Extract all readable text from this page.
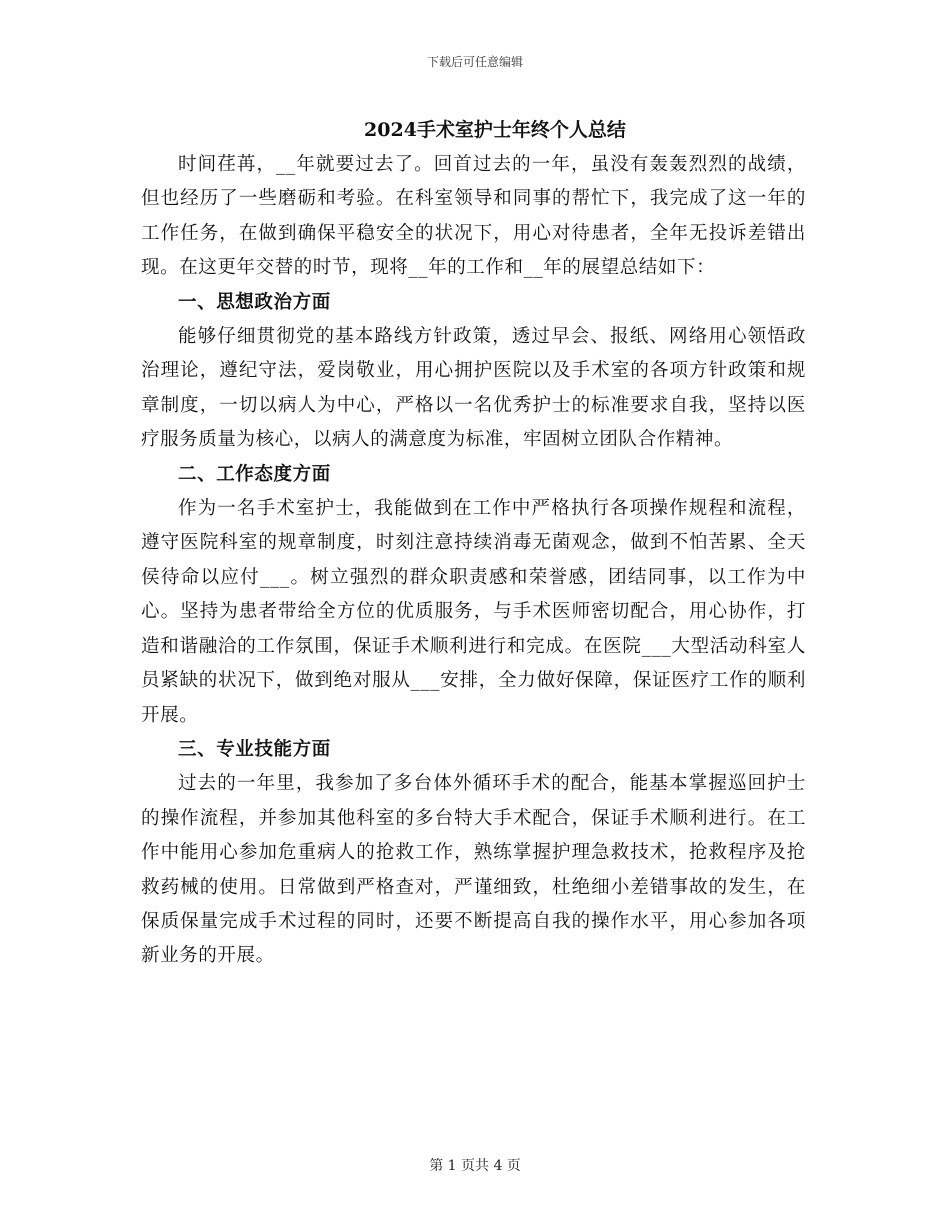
下载后可任意编辑
2024手术室护士年终个人总结

时间荏苒，__年就要过去了。回首过去的一年，虽没有轰轰烈烈的战绩，但也经历了一些磨砺和考验。在科室领导和同事的帮忙下，我完成了这一年的工作任务，在做到确保平稳安全的状况下，用心对待患者，全年无投诉差错出现。在这更年交替的时节，现将__年的工作和__年的展望总结如下：

一、思想政治方面

能够仔细贯彻党的基本路线方针政策，透过早会、报纸、网络用心领悟政治理论，遵纪守法，爱岗敬业，用心拥护医院以及手术室的各项方针政策和规章制度，一切以病人为中心，严格以一名优秀护士的标准要求自我，坚持以医疗服务质量为核心，以病人的满意度为标准，牢固树立团队合作精神。

二、工作态度方面

作为一名手术室护士，我能做到在工作中严格执行各项操作规程和流程，遵守医院科室的规章制度，时刻注意持续消毒无菌观念，做到不怕苦累、全天侯待命以应付___。树立强烈的群众职责感和荣誉感，团结同事，以工作为中心。坚持为患者带给全方位的优质服务，与手术医师密切配合，用心协作，打造和谐融洽的工作氛围，保证手术顺利进行和完成。在医院___大型活动科室人员紧缺的状况下，做到绝对服从___安排，全力做好保障，保证医疗工作的顺利开展。

三、专业技能方面

过去的一年里，我参加了多台体外循环手术的配合，能基本掌握巡回护士的操作流程，并参加其他科室的多台特大手术配合，保证手术顺利进行。在工作中能用心参加危重病人的抢救工作，熟练掌握护理急救技术，抢救程序及抢救药械的使用。日常做到严格查对，严谨细致，杜绝细小差错事故的发生，在保质保量完成手术过程的同时，还要不断提高自我的操作水平，用心参加各项新业务的开展。

第 1 页共 4 页
